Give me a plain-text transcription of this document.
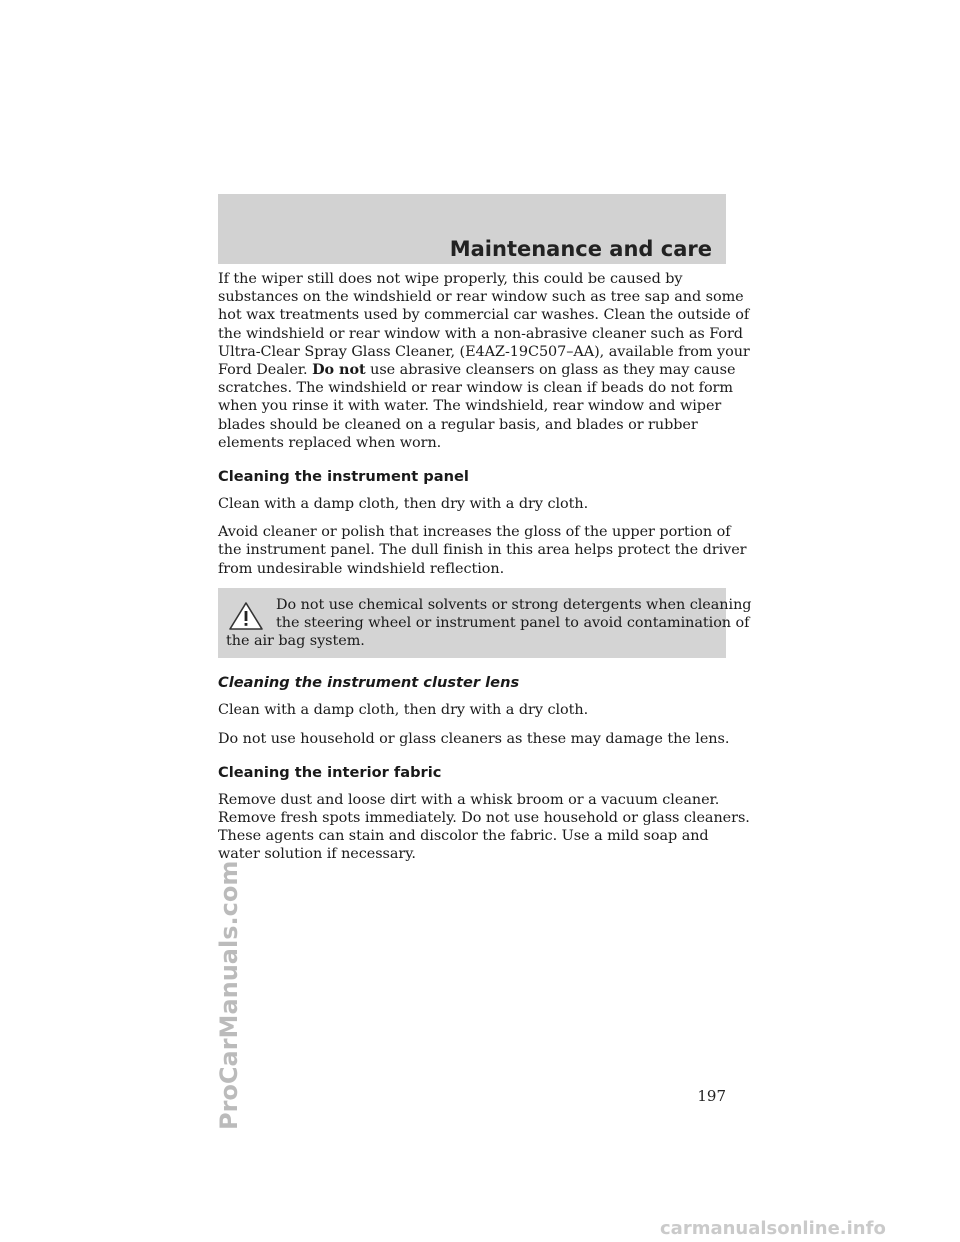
Maintenance and care

If the wiper still does not wipe properly, this could be caused by
substances on the windshield or rear window such as tree sap and some
hot wax treatments used by commercial car washes. Clean the outside of
the windshield or rear window with a non-abrasive cleaner such as Ford
Ultra-Clear Spray Glass Cleaner, (E4AZ-19C507–AA), available from your
Ford Dealer. Do not use abrasive cleansers on glass as they may cause
scratches. The windshield or rear window is clean if beads do not form
when you rinse it with water. The windshield, rear window and wiper
blades should be cleaned on a regular basis, and blades or rubber
elements replaced when worn.

Cleaning the instrument panel

Clean with a damp cloth, then dry with a dry cloth.

Avoid cleaner or polish that increases the gloss of the upper portion of
the instrument panel. The dull finish in this area helps protect the driver
from undesirable windshield reflection.

Do not use chemical solvents or strong detergents when cleaning
the steering wheel or instrument panel to avoid contamination of
the air bag system.

Cleaning the instrument cluster lens

Clean with a damp cloth, then dry with a dry cloth.

Do not use household or glass cleaners as these may damage the lens.

Cleaning the interior fabric

Remove dust and loose dirt with a whisk broom or a vacuum cleaner.
Remove fresh spots immediately. Do not use household or glass cleaners.
These agents can stain and discolor the fabric. Use a mild soap and
water solution if necessary.

197
ProCarManuals.com
carmanualsonline.info
